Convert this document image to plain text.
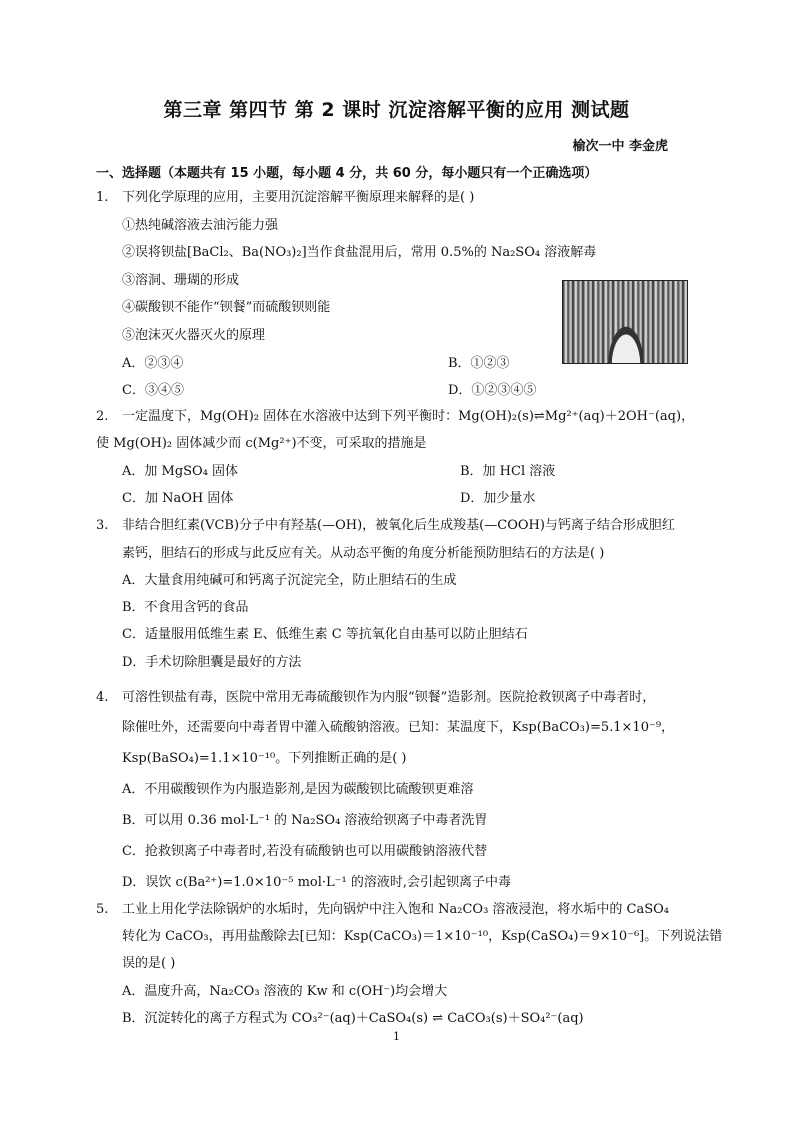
第三章 第四节 第 2 课时 沉淀溶解平衡的应用 测试题
榆次一中 李金虎
一、选择题（本题共有 15 小题，每小题 4 分，共 60 分，每小题只有一个正确选项）
1. 下列化学原理的应用，主要用沉淀溶解平衡原理来解释的是( )
①热纯碱溶液去油污能力强
②误将钡盐[BaCl₂、Ba(NO₃)₂]当作食盐混用后，常用 0.5%的 Na₂SO₄ 溶液解毒
③溶洞、珊瑚的形成
④碳酸钡不能作“钡餐”而硫酸钡则能
⑤泡沫灭火器灭火的原理
A．②③④	B．①②③
C．③④⑤	D．①②③④⑤
2. 一定温度下，Mg(OH)₂ 固体在水溶液中达到下列平衡时：Mg(OH)₂(s)⇌Mg²⁺(aq)＋2OH⁻(aq)，
使 Mg(OH)₂ 固体减少而 c(Mg²⁺)不变，可采取的措施是
A．加 MgSO₄ 固体	B．加 HCl 溶液
C．加 NaOH 固体	D．加少量水
3. 非结合胆红素(VCB)分子中有羟基(—OH)，被氧化后生成羧基(—COOH)与钙离子结合形成胆红
素钙，胆结石的形成与此反应有关。从动态平衡的角度分析能预防胆结石的方法是( )
A．大量食用纯碱可和钙离子沉淀完全，防止胆结石的生成
B．不食用含钙的食品
C．适量服用低维生素 E、低维生素 C 等抗氧化自由基可以防止胆结石
D．手术切除胆囊是最好的方法
4. 可溶性钡盐有毒，医院中常用无毒硫酸钡作为内服“钡餐”造影剂。医院抢救钡离子中毒者时，
除催吐外，还需要向中毒者胃中灌入硫酸钠溶液。已知：某温度下，Ksp(BaCO₃)=5.1×10⁻⁹，
Ksp(BaSO₄)=1.1×10⁻¹⁰。下列推断正确的是( )
A．不用碳酸钡作为内服造影剂,是因为碳酸钡比硫酸钡更难溶
B．可以用 0.36 mol·L⁻¹ 的 Na₂SO₄ 溶液给钡离子中毒者洗胃
C．抢救钡离子中毒者时,若没有硫酸钠也可以用碳酸钠溶液代替
D．误饮 c(Ba²⁺)=1.0×10⁻⁵ mol·L⁻¹ 的溶液时,会引起钡离子中毒
5. 工业上用化学法除锅炉的水垢时，先向锅炉中注入饱和 Na₂CO₃ 溶液浸泡，将水垢中的 CaSO₄
转化为 CaCO₃，再用盐酸除去[已知：Ksp(CaCO₃)＝1×10⁻¹⁰，Ksp(CaSO₄)＝9×10⁻⁶]。下列说法错
误的是( )
A．温度升高，Na₂CO₃ 溶液的 Kw 和 c(OH⁻)均会增大
B．沉淀转化的离子方程式为 CO₃²⁻(aq)＋CaSO₄(s) ⇌ CaCO₃(s)＋SO₄²⁻(aq)
1
